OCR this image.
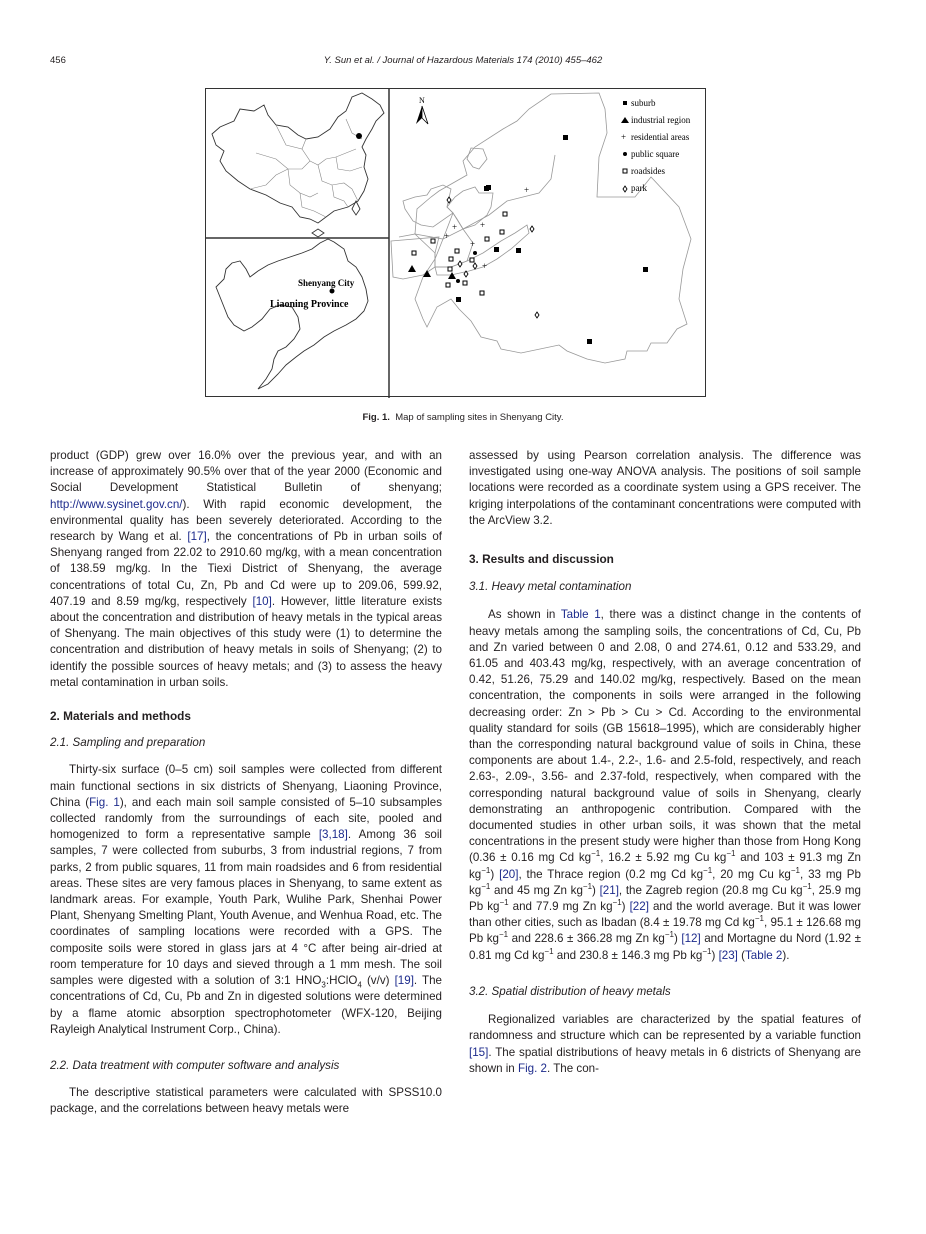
456	Y. Sun et al. / Journal of Hazardous Materials 174 (2010) 455–462
Shenyang City
Liaoning Province
N
+
+
+
+
+
+
suburb
industrial region
+ residential areas
public square
roadsides
park
Fig. 1. Map of sampling sites in Shenyang City.

product (GDP) grew over 16.0% over the previous year, and with an increase of approximately 90.5% over that of the year 2000 (Economic and Social Development Statistical Bulletin of shenyang; http://www.sysinet.gov.cn/). With rapid economic development, the environmental quality has been severely deteriorated. According to the research by Wang et al. [17], the concentrations of Pb in urban soils of Shenyang ranged from 22.02 to 2910.60 mg/kg, with a mean concentration of 138.59 mg/kg. In the Tiexi District of Shenyang, the average concentrations of total Cu, Zn, Pb and Cd were up to 209.06, 599.92, 407.19 and 8.59 mg/kg, respectively [10]. However, little literature exists about the concentration and distribution of heavy metals in the typical areas of Shenyang. The main objectives of this study were (1) to determine the concentration and distribution of heavy metals in soils of Shenyang; (2) to identify the possible sources of heavy metals; and (3) to assess the heavy metal contamination in urban soils.

2. Materials and methods

2.1. Sampling and preparation

Thirty-six surface (0–5 cm) soil samples were collected from different main functional sections in six districts of Shenyang, Liaoning Province, China (Fig. 1), and each main soil sample consisted of 5–10 subsamples collected randomly from the surroundings of each site, pooled and homogenized to form a representative sample [3,18]. Among 36 soil samples, 7 were collected from suburbs, 3 from industrial regions, 7 from parks, 2 from public squares, 11 from main roadsides and 6 from residential areas. These sites are very famous places in Shenyang, to same extent as landmark areas. For example, Youth Park, Wulihe Park, Shenhai Power Plant, Shenyang Smelting Plant, Youth Avenue, and Wenhua Road, etc. The coordinates of sampling locations were recorded with a GPS. The composite soils were stored in glass jars at 4 °C after being air-dried at room temperature for 10 days and sieved through a 1 mm mesh. The soil samples were digested with a solution of 3:1 $HNO_3:HClO_4$ (v/v) [19]. The concentrations of Cd, Cu, Pb and Zn in digested solutions were determined by a flame atomic absorption spectrophotometer (WFX-120, Beijing Rayleigh Analytical Instrument Corp., China).

2.2. Data treatment with computer software and analysis

The descriptive statistical parameters were calculated with SPSS10.0 package, and the correlations between heavy metals were

assessed by using Pearson correlation analysis. The difference was investigated using one-way ANOVA analysis. The positions of soil sample locations were recorded as a coordinate system using a GPS receiver. The kriging interpolations of the contaminant concentrations were computed with the ArcView 3.2.

3. Results and discussion

3.1. Heavy metal contamination

As shown in Table 1, there was a distinct change in the contents of heavy metals among the sampling soils, the concentrations of Cd, Cu, Pb and Zn varied between 0 and 2.08, 0 and 274.61, 0.12 and 533.29, and 61.05 and 403.43 mg/kg, respectively, with an average concentration of 0.42, 51.26, 75.29 and 140.02 mg/kg, respectively. Based on the mean concentration, the components in soils were arranged in the following decreasing order: Zn > Pb > Cu > Cd. According to the environmental quality standard for soils (GB 15618–1995), which are considerably higher than the corresponding natural background value of soils in China, these components are about 1.4-, 2.2-, 1.6- and 2.5-fold, respectively, and reach 2.63-, 2.09-, 3.56- and 2.37-fold, respectively, when compared with the corresponding natural background value of soils in Shenyang, clearly demonstrating an anthropogenic contribution. Compared with the documented studies in other urban soils, it was shown that the metal concentrations in the present study were higher than those from Hong Kong (0.36 ± 0.16 mg Cd $kg^{-1}$, 16.2 ± 5.92 mg Cu $kg^{-1}$ and 103 ± 91.3 mg Zn $kg^{-1}$) [20], the Thrace region (0.2 mg Cd $kg^{-1}$, 20 mg Cu $kg^{-1}$, 33 mg Pb $kg^{-1}$ and 45 mg Zn $kg^{-1}$) [21], the Zagreb region (20.8 mg Cu $kg^{-1}$, 25.9 mg Pb $kg^{-1}$ and 77.9 mg Zn $kg^{-1}$) [22] and the world average. But it was lower than other cities, such as Ibadan (8.4 ± 19.78 mg Cd $kg^{-1}$, 95.1 ± 126.68 mg Pb $kg^{-1}$ and 228.6 ± 366.28 mg Zn $kg^{-1}$) [12] and Mortagne du Nord (1.92 ± 0.81 mg Cd $kg^{-1}$ and 230.8 ± 146.3 mg Pb $kg^{-1}$) [23] (Table 2).

3.2. Spatial distribution of heavy metals

Regionalized variables are characterized by the spatial features of randomness and structure which can be represented by a variable function [15]. The spatial distributions of heavy metals in 6 districts of Shenyang are shown in Fig. 2. The con-
